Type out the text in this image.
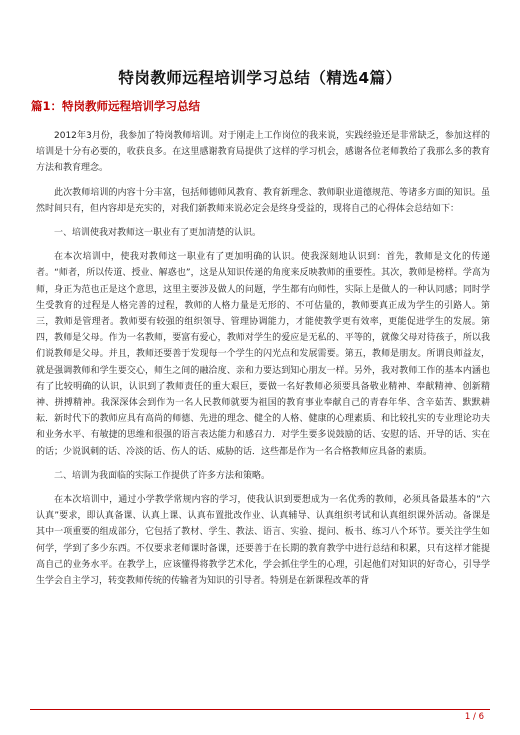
特岗教师远程培训学习总结（精选4篇）
篇1：特岗教师远程培训学习总结

2012年3月份，我参加了特岗教师培训。对于刚走上工作岗位的我来说，实践经验还是非常缺乏，参加这样的培训是十分有必要的，收获良多。在这里感谢教育局提供了这样的学习机会，感谢各位老师教给了我那么多的教育方法和教育理念。

此次教师培训的内容十分丰富，包括师德师风教育、教育新理念、教师职业道德规范、等诸多方面的知识。虽然时间只有，但内容却是充实的，对我们新教师来说必定会是终身受益的，现将自己的心得体会总结如下：

一、培训使我对教师这一职业有了更加清楚的认识。

在本次培训中，使我对教师这一职业有了更加明确的认识。使我深刻地认识到：首先，教师是文化的传递者。“师者，所以传道、授业、解惑也”，这是从知识传递的角度来反映教师的重要性。其次，教师是榜样。学高为师，身正为范也正是这个意思，这里主要涉及做人的问题，学生都有向师性，实际上是做人的一种认同感；同时学生受教育的过程是人格完善的过程，教师的人格力量是无形的、不可估量的，教师要真正成为学生的引路人。第三，教师是管理者。教师要有较强的组织领导、管理协调能力，才能使教学更有效率，更能促进学生的发展。第四，教师是父母。作为一名教师，要富有爱心，教师对学生的爱应是无私的、平等的，就像父母对待孩子，所以我们说教师是父母。并且，教师还要善于发现每一个学生的闪光点和发展需要。第五，教师是朋友。所谓良师益友，就是强调教师和学生要交心，师生之间的融洽度、亲和力要达到知心朋友一样。另外，我对教师工作的基本内涵也有了比较明确的认识，认识到了教师责任的重大艰巨，要做一名好教师必须要具备敬业精神、奉献精神、创新精神、拼搏精神。我深深体会到作为一名人民教师就要为祖国的教育事业奉献自己的青春年华、含辛茹苦、默默耕耘．新时代下的教师应具有高尚的师德、先进的理念、健全的人格、健康的心理素质、和比较扎实的专业理论功夫和业务水平、有敏捷的思维和很强的语言表达能力和感召力．对学生要多说鼓励的话、安慰的话、开导的话、实在的话；少说讽刺的话、冷淡的话、伤人的话、威胁的话．这些都是作为一名合格教师应具备的素质。

二、培训为我面临的实际工作提供了许多方法和策略。

在本次培训中，通过小学教学常规内容的学习，使我认识到要想成为一名优秀的教师，必须具备最基本的”六认真”要求，即认真备课、认真上课、认真布置批改作业、认真辅导、认真组织考试和认真组织课外活动。备课是其中一项重要的组成部分，它包括了教材、学生、教法、语言、实验、提问、板书、练习八个环节。要关注学生如何学，学到了多少东西。不仅要求老师课时备课，还要善于在长期的教育教学中进行总结和积累，只有这样才能提高自己的业务水平。在教学上，应该懂得将教学艺术化，学会抓住学生的心理，引起他们对知识的好奇心，引导学生学会自主学习，转变教师传统的传输者为知识的引导者。特别是在新课程改革的背

1 / 6
